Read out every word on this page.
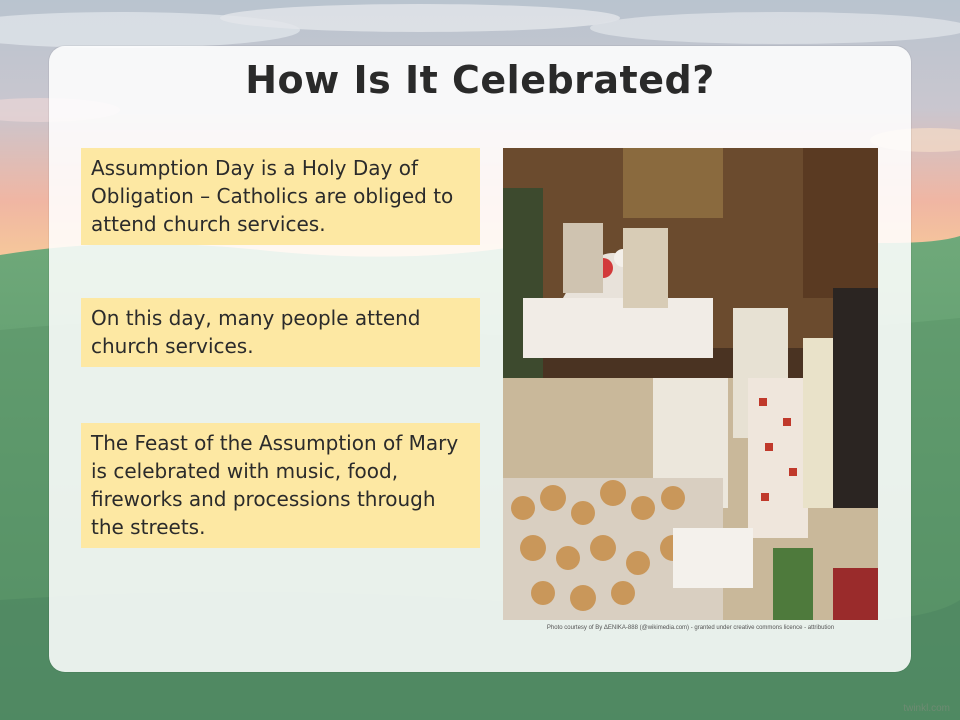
How Is It Celebrated?
Assumption Day is a Holy Day of Obligation – Catholics are obliged to attend church services.
On this day, many people attend church services.
The Feast of the Assumption of Mary is celebrated with music, food, fireworks and processions through the streets.
Photo courtesy of By ΔΕΝΙΚΑ-888 (@wikimedia.com) - granted under creative commons licence - attribution
twinkl.com
